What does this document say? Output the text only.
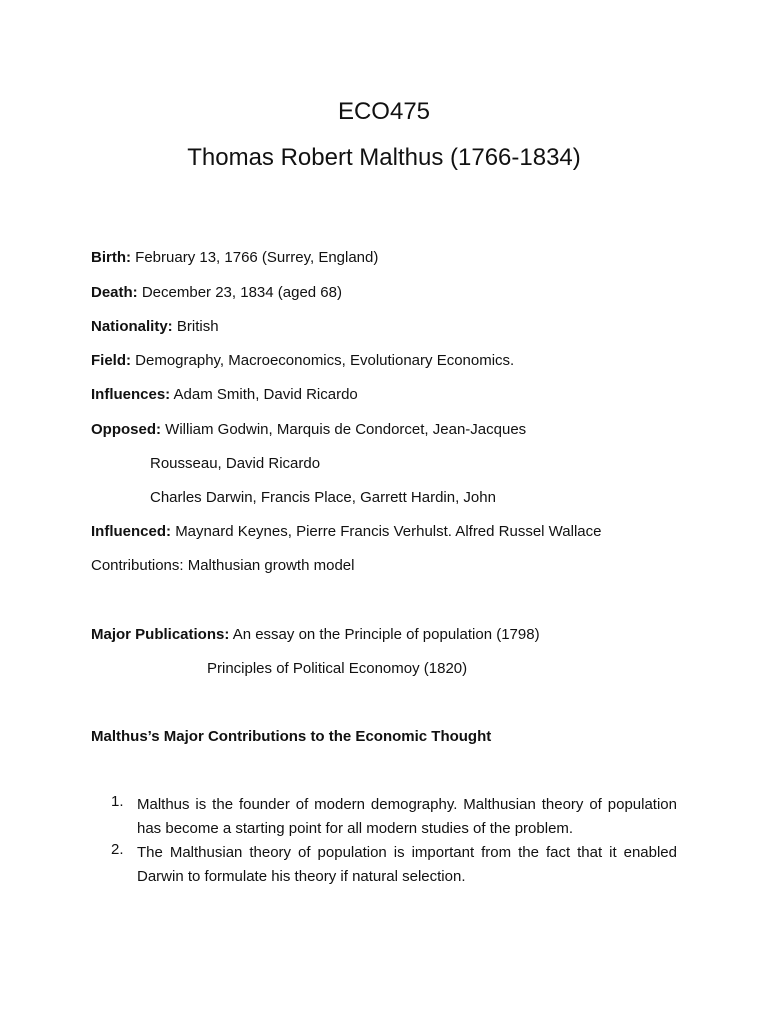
ECO475
Thomas Robert Malthus (1766-1834)
Birth: February 13, 1766 (Surrey, England)
Death: December 23, 1834 (aged 68)
Nationality: British
Field: Demography, Macroeconomics, Evolutionary Economics.
Influences: Adam Smith, David Ricardo
Opposed: William Godwin, Marquis de Condorcet, Jean-Jacques
Rousseau, David Ricardo
Charles Darwin, Francis Place, Garrett Hardin, John
Influenced: Maynard Keynes, Pierre Francis Verhulst. Alfred Russel Wallace
Contributions: Malthusian growth model
Major Publications: An essay on the Principle of population (1798)
Principles of Political Economoy (1820)
Malthus’s Major Contributions to the Economic Thought
1. Malthus is the founder of modern demography. Malthusian theory of population has become a starting point for all modern studies of the problem.
2. The Malthusian theory of population is important from the fact that it enabled Darwin to formulate his theory if natural selection.
